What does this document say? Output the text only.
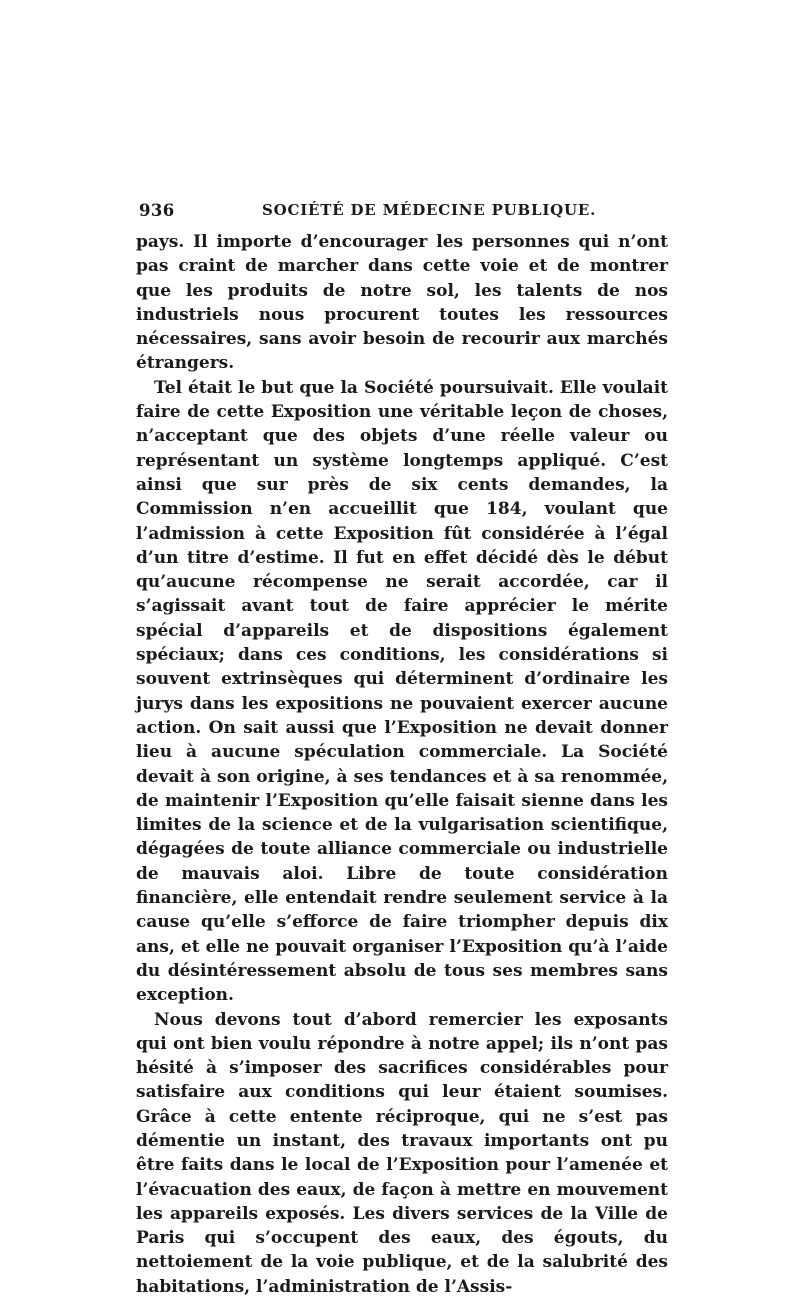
936	SOCIÉTÉ DE MÉDECINE PUBLIQUE.

pays. Il importe d’encourager les personnes qui n’ont pas craint de marcher dans cette voie et de montrer que les produits de notre sol, les talents de nos industriels nous procurent toutes les ressources nécessaires, sans avoir besoin de recourir aux marchés étrangers.

Tel était le but que la Société poursuivait. Elle voulait faire de cette Exposition une véritable leçon de choses, n’acceptant que des objets d’une réelle valeur ou représentant un système longtemps appliqué. C’est ainsi que sur près de six cents demandes, la Commission n’en accueillit que 184, voulant que l’admission à cette Exposition fût considérée à l’égal d’un titre d’estime. Il fut en effet décidé dès le début qu’aucune récompense ne serait accordée, car il s’agissait avant tout de faire apprécier le mérite spécial d’appareils et de dispositions également spéciaux; dans ces conditions, les considérations si souvent extrinsèques qui déterminent d’ordinaire les jurys dans les expositions ne pouvaient exercer aucune action. On sait aussi que l’Exposition ne devait donner lieu à aucune spéculation commerciale. La Société devait à son origine, à ses tendances et à sa renommée, de maintenir l’Exposition qu’elle faisait sienne dans les limites de la science et de la vulgarisation scientifique, dégagées de toute alliance commerciale ou industrielle de mauvais aloi. Libre de toute considération financière, elle entendait rendre seulement service à la cause qu’elle s’efforce de faire triompher depuis dix ans, et elle ne pouvait organiser l’Exposition qu’à l’aide du désintéressement absolu de tous ses membres sans exception.

Nous devons tout d’abord remercier les exposants qui ont bien voulu répondre à notre appel; ils n’ont pas hésité à s’imposer des sacrifices considérables pour satisfaire aux conditions qui leur étaient soumises. Grâce à cette entente réciproque, qui ne s’est pas démentie un instant, des travaux importants ont pu être faits dans le local de l’Exposition pour l’amenée et l’évacuation des eaux, de façon à mettre en mouvement les appareils exposés. Les divers services de la Ville de Paris qui s’occupent des eaux, des égouts, du nettoiement de la voie publique, et de la salubrité des habitations, l’administration de l’Assis-
